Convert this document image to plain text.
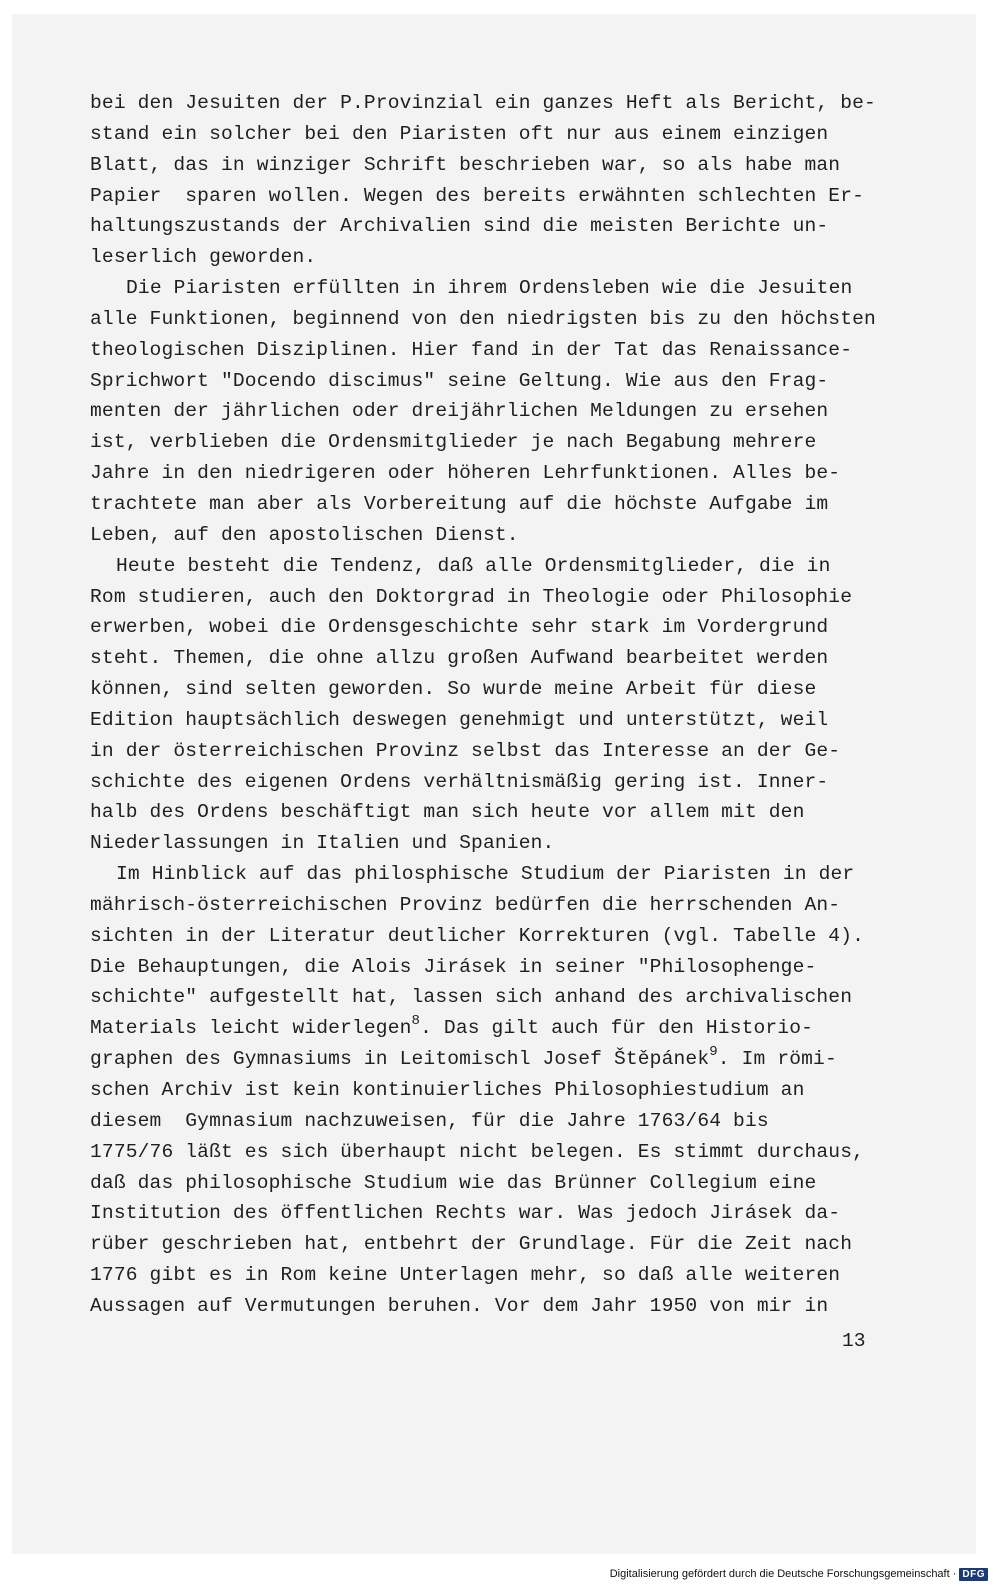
bei den Jesuiten der P.Provinzial ein ganzes Heft als Bericht, be-
stand ein solcher bei den Piaristen oft nur aus einem einzigen
Blatt, das in winziger Schrift beschrieben war, so als habe man
Papier  sparen wollen. Wegen des bereits erwähnten schlechten Er-
haltungszustands der Archivalien sind die meisten Berichte un-
leserlich geworden.
Die Piaristen erfüllten in ihrem Ordensleben wie die Jesuiten
alle Funktionen, beginnend von den niedrigsten bis zu den höchsten
theologischen Disziplinen. Hier fand in der Tat das Renaissance-
Sprichwort "Docendo discimus" seine Geltung. Wie aus den Frag-
menten der jährlichen oder dreijährlichen Meldungen zu ersehen
ist, verblieben die Ordensmitglieder je nach Begabung mehrere
Jahre in den niedrigeren oder höheren Lehrfunktionen. Alles be-
trachtete man aber als Vorbereitung auf die höchste Aufgabe im
Leben, auf den apostolischen Dienst.
Heute besteht die Tendenz, daß alle Ordensmitglieder, die in
Rom studieren, auch den Doktorgrad in Theologie oder Philosophie
erwerben, wobei die Ordensgeschichte sehr stark im Vordergrund
steht. Themen, die ohne allzu großen Aufwand bearbeitet werden
können, sind selten geworden. So wurde meine Arbeit für diese
Edition hauptsächlich deswegen genehmigt und unterstützt, weil
in der österreichischen Provinz selbst das Interesse an der Ge-
schichte des eigenen Ordens verhältnismäßig gering ist. Inner-
halb des Ordens beschäftigt man sich heute vor allem mit den
Niederlassungen in Italien und Spanien.
Im Hinblick auf das philosphische Studium der Piaristen in der
mährisch-österreichischen Provinz bedürfen die herrschenden An-
sichten in der Literatur deutlicher Korrekturen (vgl. Tabelle 4).
Die Behauptungen, die Alois Jirásek in seiner "Philosophenge-
schichte" aufgestellt hat, lassen sich anhand des archivalischen
Materials leicht widerlegen$^8$. Das gilt auch für den Historio-
graphen des Gymnasiums in Leitomischl Josef Štěpánek$^9$. Im römi-
schen Archiv ist kein kontinuierliches Philosophiestudium an
diesem  Gymnasium nachzuweisen, für die Jahre 1763/64 bis
1775/76 läßt es sich überhaupt nicht belegen. Es stimmt durchaus,
daß das philosophische Studium wie das Brünner Collegium eine
Institution des öffentlichen Rechts war. Was jedoch Jirásek da-
rüber geschrieben hat, entbehrt der Grundlage. Für die Zeit nach
1776 gibt es in Rom keine Unterlagen mehr, so daß alle weiteren
Aussagen auf Vermutungen beruhen. Vor dem Jahr 1950 von mir in
13
Digitalisierung gefördert durch die Deutsche Forschungsgemeinschaft · DFG
